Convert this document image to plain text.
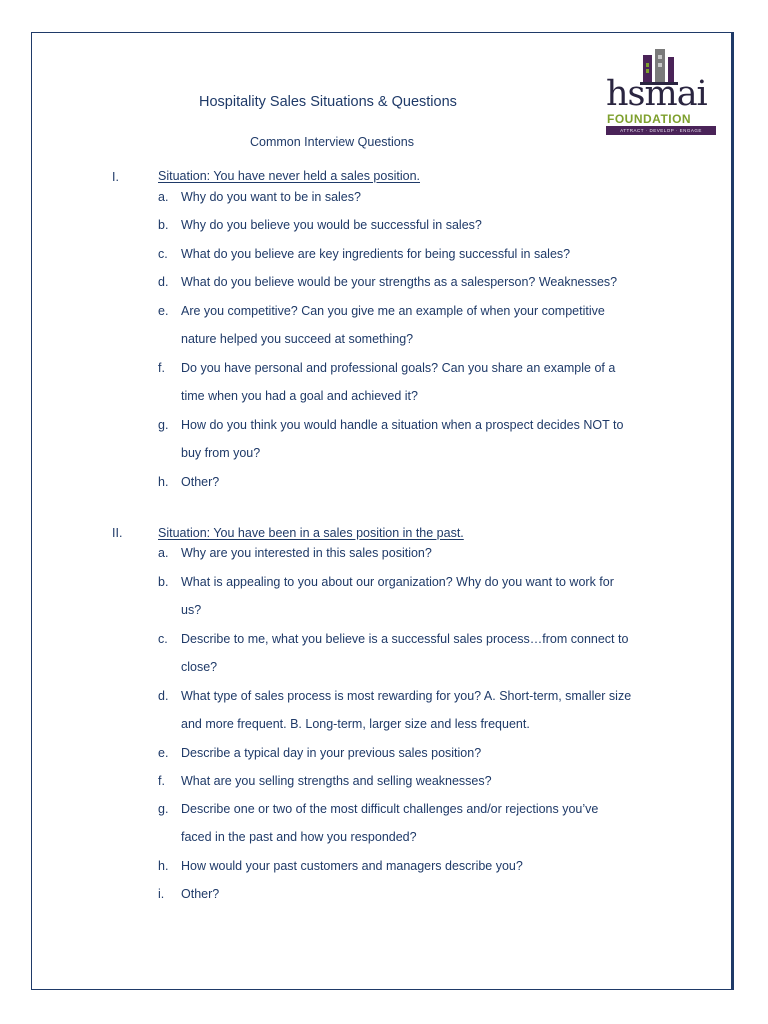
Hospitality Sales Situations & Questions
Common Interview Questions
hsmai
FOUNDATION
ATTRACT · DEVELOP · ENGAGE
I.	Situation: You have never held a sales position.
a. Why do you want to be in sales?
b. Why do you believe you would be successful in sales?
c. What do you believe are key ingredients for being successful in sales?
d. What do you believe would be your strengths as a salesperson? Weaknesses?
e. Are you competitive? Can you give me an example of when your competitive
nature helped you succeed at something?
f. Do you have personal and professional goals? Can you share an example of a
time when you had a goal and achieved it?
g. How do you think you would handle a situation when a prospect decides NOT to
buy from you?
h. Other?
II.	Situation: You have been in a sales position in the past.
a. Why are you interested in this sales position?
b. What is appealing to you about our organization? Why do you want to work for
us?
c. Describe to me, what you believe is a successful sales process…from connect to
close?
d. What type of sales process is most rewarding for you? A. Short-term, smaller size
and more frequent. B. Long-term, larger size and less frequent.
e. Describe a typical day in your previous sales position?
f. What are you selling strengths and selling weaknesses?
g. Describe one or two of the most difficult challenges and/or rejections you’ve
faced in the past and how you responded?
h. How would your past customers and managers describe you?
i. Other?
